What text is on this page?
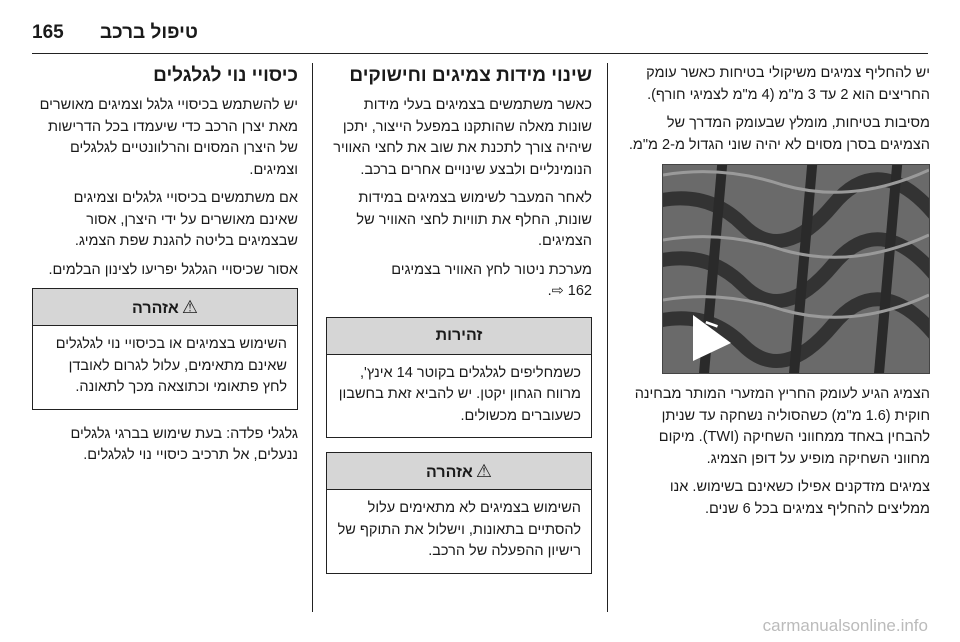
165 טיפול ברכב

יש להחליף צמיגים משיקולי בטיחות כאשר עומק החריצים הוא 2 עד 3 מ"מ (4 מ"מ לצמיגי חורף).

מסיבות בטיחות, מומלץ שבעומק המדרך של הצמיגים בסרן מסוים לא יהיה שוני הגדול מ-2 מ"מ.

TWI

הצמיג הגיע לעומק החריץ המזערי המותר מבחינה חוקית (1.6 מ"מ) כשהסוליה נשחקה עד שניתן להבחין באחד ממחווני השחיקה (TWI). מיקום מחווני השחיקה מופיע על דופן הצמיג.

צמיגים מזדקנים אפילו כשאינם בשימוש. אנו ממליצים להחליף צמיגים בכל 6 שנים.

שינוי מידות צמיגים וחישוקים

כאשר משתמשים בצמיגים בעלי מידות שונות מאלה שהותקנו במפעל הייצור, יתכן שיהיה צורך לתכנת את שוב את לחצי האוויר הנומינליים ולבצע שינויים אחרים ברכב.

לאחר המעבר לשימוש בצמיגים במידות שונות, החלף את תוויות לחצי האוויר של הצמיגים.

מערכת ניטור לחץ האוויר בצמיגים
162 ⇨.

זהירות

כשמחליפים לגלגלים בקוטר 14 אינץ', מרווח הגחון יקטן. יש להביא זאת בחשבון כשעוברים מכשולים.

⚠אזהרה

השימוש בצמיגים לא מתאימים עלול להסתיים בתאונות, וישלול את התוקף של רישיון ההפעלה של הרכב.

כיסויי נוי לגלגלים

יש להשתמש בכיסויי גלגל וצמיגים מאושרים מאת יצרן הרכב כדי שיעמדו בכל הדרישות של היצרן המסוים והרלוונטיים לגלגלים וצמיגים.

אם משתמשים בכיסויי גלגלים וצמיגים שאינם מאושרים על ידי היצרן, אסור שבצמיגים בליטה להגנת שפת הצמיג.

אסור שכיסויי הגלגל יפריעו לצינון הבלמים.

⚠אזהרה

השימוש בצמיגים או בכיסויי נוי לגלגלים שאינם מתאימים, עלול לגרום לאובדן לחץ פתאומי וכתוצאה מכך לתאונה.

גלגלי פלדה: בעת שימוש בברגי גלגלים ננעלים, אל תרכיב כיסויי נוי לגלגלים.

carmanualsonline.info
